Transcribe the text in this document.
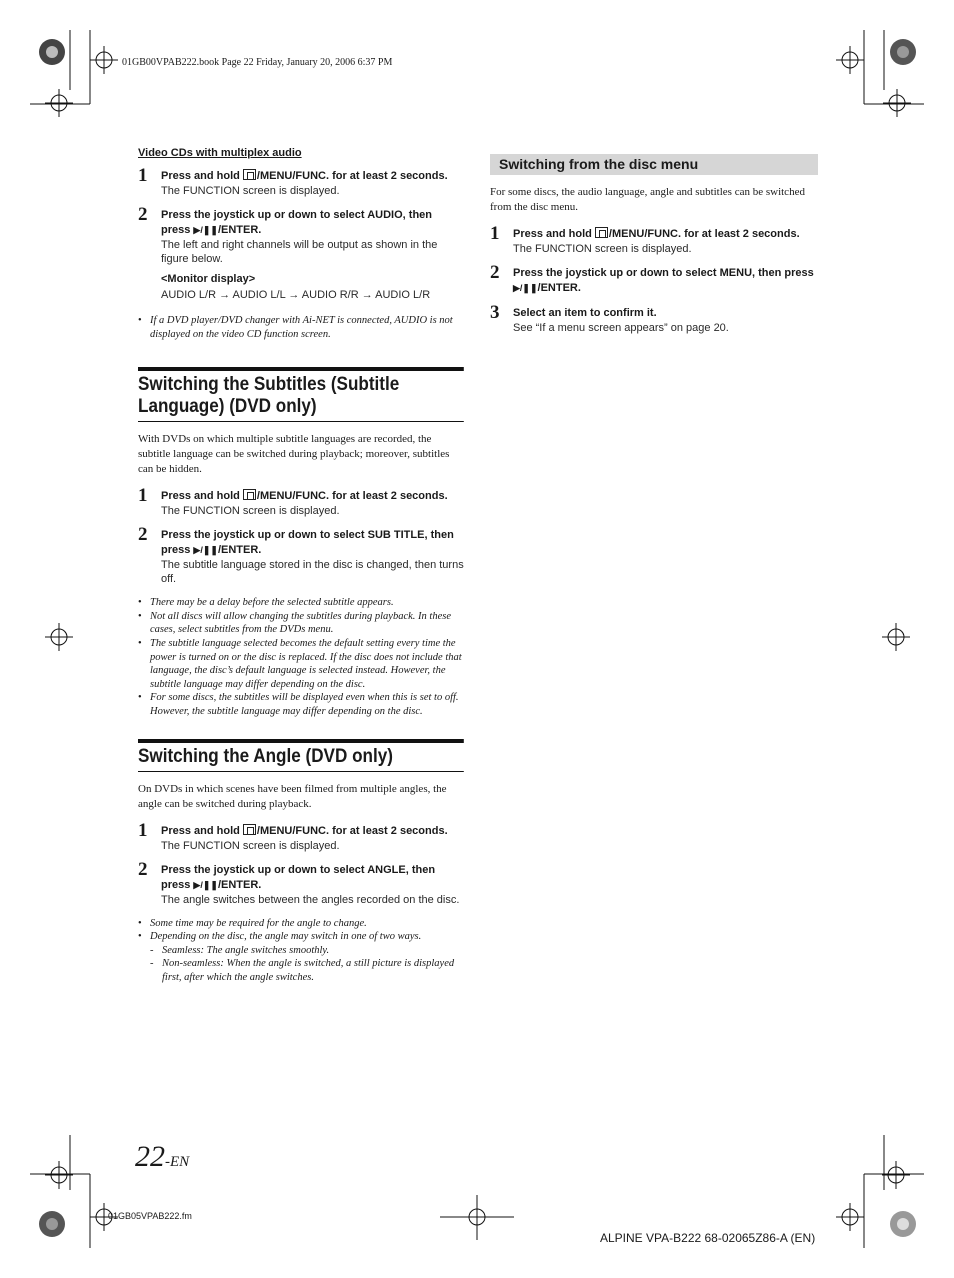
01GB00VPAB222.book Page 22 Friday, January 20, 2006 6:37 PM
Video CDs with multiplex audio
1 Press and hold /MENU/FUNC. for at least 2 seconds.
The FUNCTION screen is displayed.
2 Press the joystick up or down to select AUDIO, then press ▶/❚❚/ENTER.
The left and right channels will be output as shown in the figure below.
<Monitor display>
AUDIO L/R → AUDIO L/L → AUDIO R/R → AUDIO L/R
• If a DVD player/DVD changer with Ai-NET is connected, AUDIO is not displayed on the video CD function screen.
Switching the Subtitles (Subtitle
Language) (DVD only)
With DVDs on which multiple subtitle languages are recorded, the subtitle language can be switched during playback; moreover, subtitles can be hidden.
1 Press and hold /MENU/FUNC. for at least 2 seconds.
The FUNCTION screen is displayed.
2 Press the joystick up or down to select SUB TITLE, then press ▶/❚❚/ENTER.
The subtitle language stored in the disc is changed, then turns off.
• There may be a delay before the selected subtitle appears.
• Not all discs will allow changing the subtitles during playback. In these cases, select subtitles from the DVDs menu.
• The subtitle language selected becomes the default setting every time the power is turned on or the disc is replaced. If the disc does not include that language, the disc’s default language is selected instead. However, the subtitle language may differ depending on the disc.
• For some discs, the subtitles will be displayed even when this is set to off. However, the subtitle language may differ depending on the disc.
Switching the Angle (DVD only)
On DVDs in which scenes have been filmed from multiple angles, the angle can be switched during playback.
1 Press and hold /MENU/FUNC. for at least 2 seconds.
The FUNCTION screen is displayed.
2 Press the joystick up or down to select ANGLE, then press ▶/❚❚/ENTER.
The angle switches between the angles recorded on the disc.
• Some time may be required for the angle to change.
• Depending on the disc, the angle may switch in one of two ways.
- Seamless: The angle switches smoothly.
- Non-seamless: When the angle is switched, a still picture is displayed first, after which the angle switches.
Switching from the disc menu
For some discs, the audio language, angle and subtitles can be switched from the disc menu.
1 Press and hold /MENU/FUNC. for at least 2 seconds.
The FUNCTION screen is displayed.
2 Press the joystick up or down to select MENU, then press ▶/❚❚/ENTER.
3 Select an item to confirm it.
See “If a menu screen appears” on page 20.
22-EN
01GB05VPAB222.fm
ALPINE VPA-B222 68-02065Z86-A (EN)
